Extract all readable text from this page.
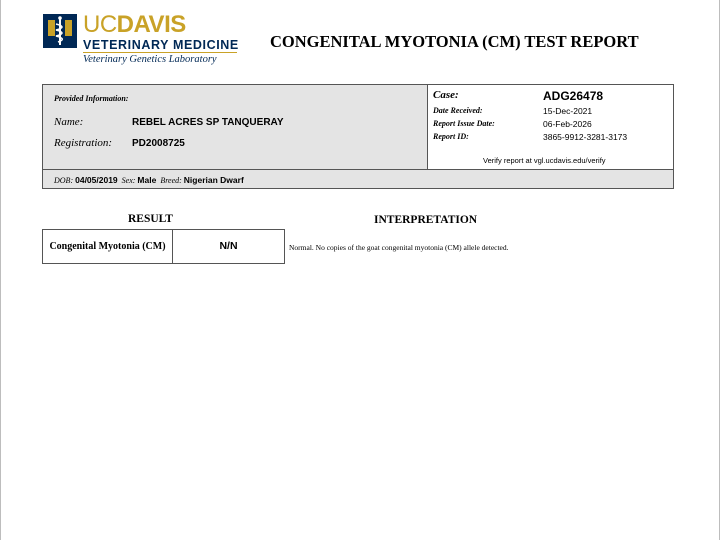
UCDAVIS
VETERINARY MEDICINE
Veterinary Genetics Laboratory
CONGENITAL MYOTONIA (CM) TEST REPORT
Provided Information:
Name:	REBEL ACRES SP TANQUERAY
Registration: PD2008725
Case:	ADG26478
Date Received:	15-Dec-2021
Report Issue Date:	06-Feb-2026
Report ID:	3865-9912-3281-3173
Verify report at vgl.ucdavis.edu/verify
DOB: 04/05/2019 Sex: Male Breed: Nigerian Dwarf
RESULT	INTERPRETATION
Congenital Myotonia (CM)	N/N	Normal. No copies of the goat congenital myotonia (CM) allele detected.
